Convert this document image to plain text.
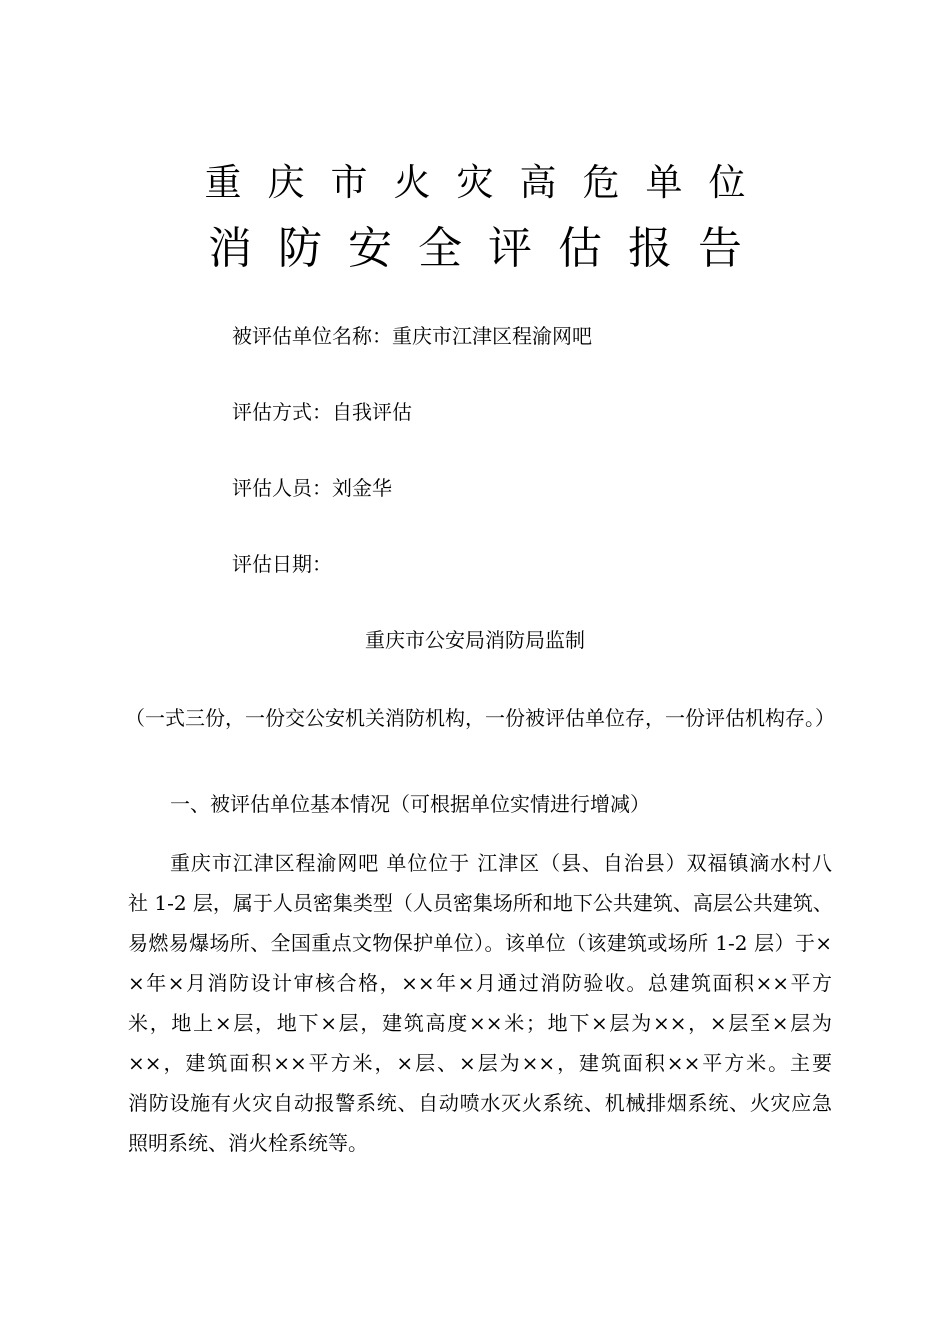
重庆市火灾高危单位
消防安全评估报告
被评估单位名称：重庆市江津区程渝网吧
评估方式：自我评估
评估人员：刘金华
评估日期：
重庆市公安局消防局监制
（一式三份，一份交公安机关消防机构，一份被评估单位存，一份评估机构存。）
一、被评估单位基本情况（可根据单位实情进行增减）
重庆市江津区程渝网吧 单位位于 江津区（县、自治县）双福镇滴水村八
社 1-2 层，属于人员密集类型（人员密集场所和地下公共建筑、高层公共建筑、
易燃易爆场所、全国重点文物保护单位）。该单位（该建筑或场所 1-2 层）于×
×年×月消防设计审核合格，××年×月通过消防验收。总建筑面积××平方
米，地上×层，地下×层，建筑高度××米；地下×层为××，×层至×层为
××，建筑面积××平方米，×层、×层为××，建筑面积××平方米。主要
消防设施有火灾自动报警系统、自动喷水灭火系统、机械排烟系统、火灾应急
照明系统、消火栓系统等。
